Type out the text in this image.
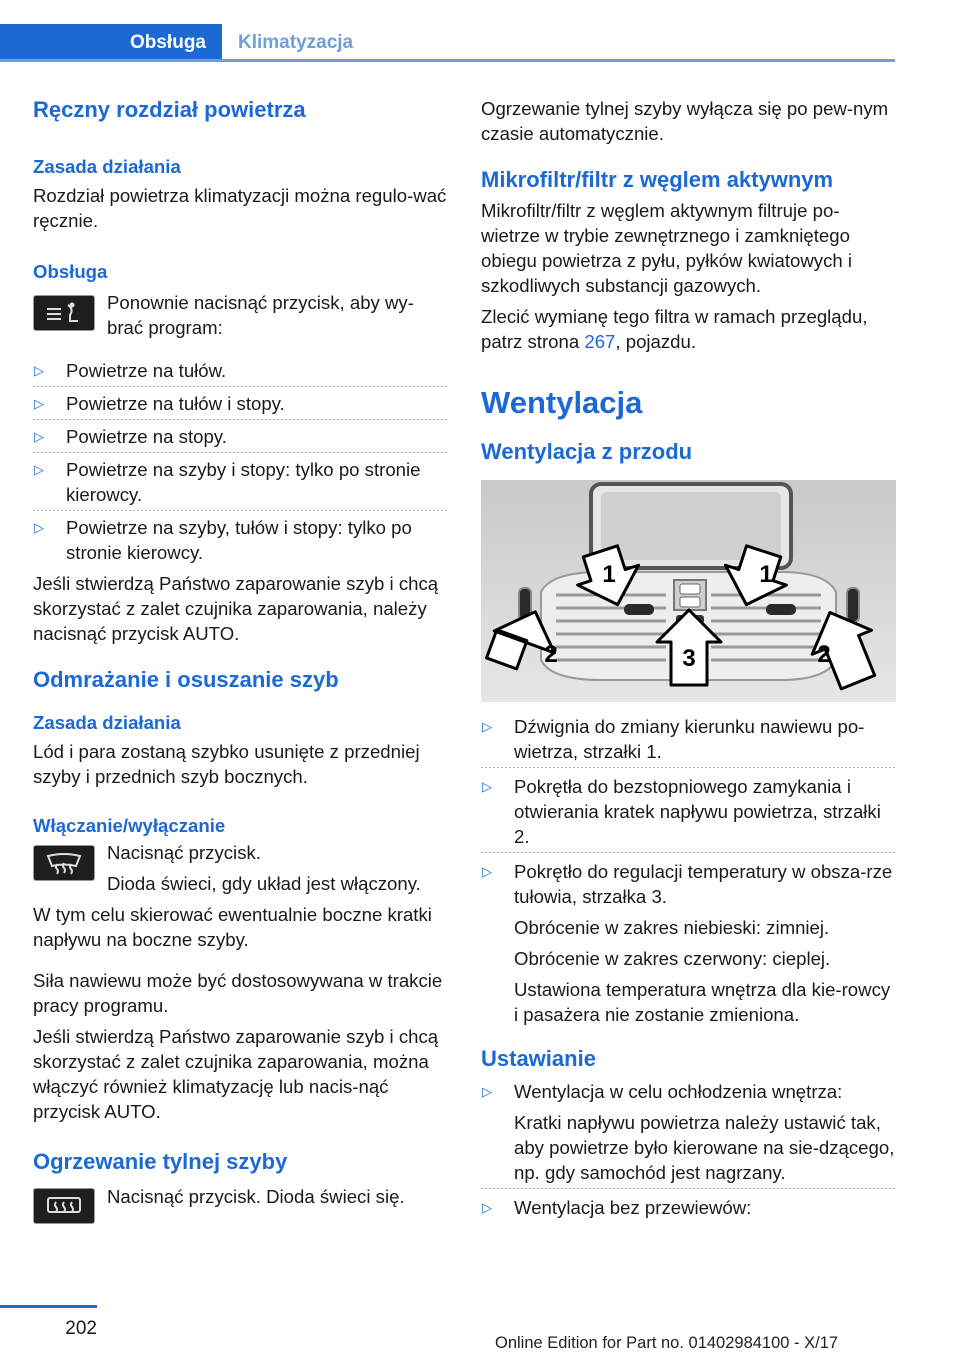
Obsługa	Klimatyzacja
Ręczny rozdział powietrza
Zasada działania

Rozdział powietrza klimatyzacji można regulo-wać ręcznie.

Obsługa

Ponownie nacisnąć przycisk, aby wy-brać program:

▷ Powietrze na tułów.
▷ Powietrze na tułów i stopy.
▷ Powietrze na stopy.
▷ Powietrze na szyby i stopy: tylko po stronie kierowcy.
▷ Powietrze na szyby, tułów i stopy: tylko po stronie kierowcy.

Jeśli stwierdzą Państwo zaparowanie szyb i chcą skorzystać z zalet czujnika zaparowania, należy nacisnąć przycisk AUTO.

Odmrażanie i osuszanie szyb
Zasada działania

Lód i para zostaną szybko usunięte z przedniej szyby i przednich szyb bocznych.

Włączanie/wyłączanie

Nacisnąć przycisk.

Dioda świeci, gdy układ jest włączony.

W tym celu skierować ewentualnie boczne kratki napływu na boczne szyby.

Siła nawiewu może być dostosowywana w trakcie pracy programu.

Jeśli stwierdzą Państwo zaparowanie szyb i chcą skorzystać z zalet czujnika zaparowania, można włączyć również klimatyzację lub nacis-nąć przycisk AUTO.

Ogrzewanie tylnej szyby

Nacisnąć przycisk. Dioda świeci się.

Ogrzewanie tylnej szyby wyłącza się po pew-nym czasie automatycznie.

Mikrofiltr/filtr z węglem aktywnym

Mikrofiltr/filtr z węglem aktywnym filtruje po-wietrze w trybie zewnętrznego i zamkniętego obiegu powietrza z pyłu, pyłków kwiatowych i szkodliwych substancji gazowych.

Zlecić wymianę tego filtra w ramach przeglądu, patrz strona 267, pojazdu.

Wentylacja
Wentylacja z przodu
1	1
2	3	2
▷ Dźwignia do zmiany kierunku nawiewu po-wietrza, strzałki 1.
▷ Pokrętła do bezstopniowego zamykania i otwierania kratek napływu powietrza, strzałki 2.
▷ Pokrętło do regulacji temperatury w obsza-rze tułowia, strzałka 3.

Obrócenie w zakres niebieski: zimniej.

Obrócenie w zakres czerwony: cieplej.

Ustawiona temperatura wnętrza dla kie-rowcy i pasażera nie zostanie zmieniona.

Ustawianie
▷ Wentylacja w celu ochłodzenia wnętrza:

Kratki napływu powietrza należy ustawić tak, aby powietrze było kierowane na sie-dzącego, np. gdy samochód jest nagrzany.

▷ Wentylacja bez przewiewów:
202
Online Edition for Part no. 01402984100 - X/17
